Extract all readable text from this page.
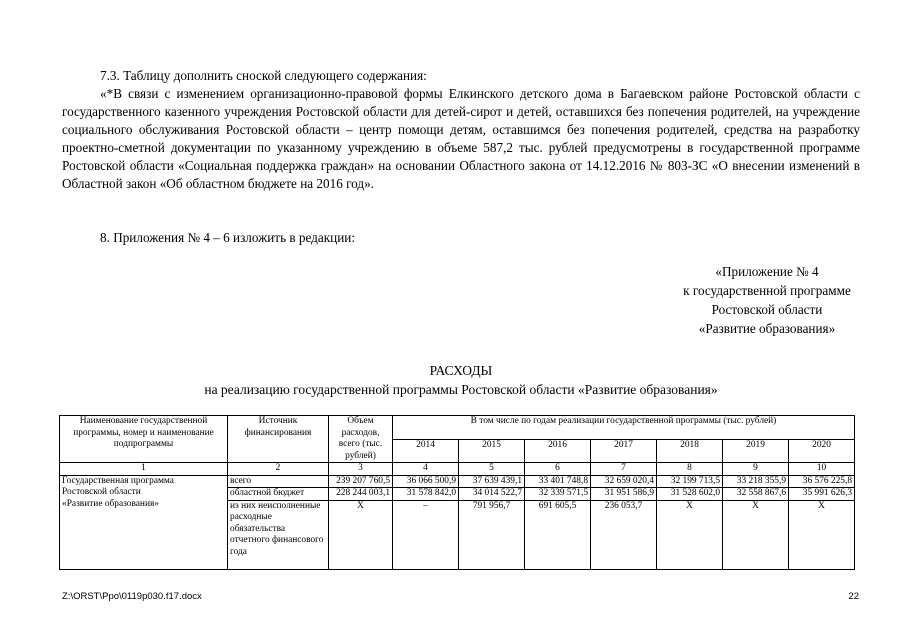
7.3. Таблицу дополнить сноской следующего содержания:

«*В связи с изменением организационно-правовой формы Елкинского детского дома в Багаевском районе Ростовской области с государственного казенного учреждения Ростовской области для детей-сирот и детей, оставшихся без попечения родителей, на учреждение социального обслуживания Ростовской области – центр помощи детям, оставшимся без попечения родителей, средства на разработку проектно-сметной документации по указанному учреждению в объеме 587,2 тыс. рублей предусмотрены в государственной программе Ростовской области «Социальная поддержка граждан» на основании Областного закона от 14.12.2016 № 803-ЗС «О внесении изменений в Областной закон «Об областном бюджете на 2016 год».

8. Приложения № 4 – 6 изложить в редакции:

«Приложение № 4
к государственной программе
Ростовской области
«Развитие образования»
РАСХОДЫ
на реализацию государственной программы Ростовской области «Развитие образования»
Наименование государственной программы, номер и наименование подпрограммы	Источник финансирования	Объем расходов, всего (тыс. рублей)	В том числе по годам реализации государственной программы (тыс. рублей)						
			2014	2015	2016	2017	2018	2019	2020
1	2	3	4	5	6	7	8	9	10

Государственная программа
Ростовской области
«Развитие образования»	всего	239 207 760,5	36 066 500,9	37 639 439,1	33 401 748,8	32 659 020,4	32 199 713,5	33 218 355,9	36 576 225,8
	областной бюджет	228 244 003,1	31 578 842,0	34 014 522,7	32 339 571,5	31 951 586,9	31 528 602,0	32 558 867,6	35 991 626,3
	из них неисполненные расходные обязательства отчетного финансового года	Х	–	791 956,7	691 605,5	236 053,7	Х	Х	Х
Z:\ORST\Ppo\0119p030.f17.docx	22
